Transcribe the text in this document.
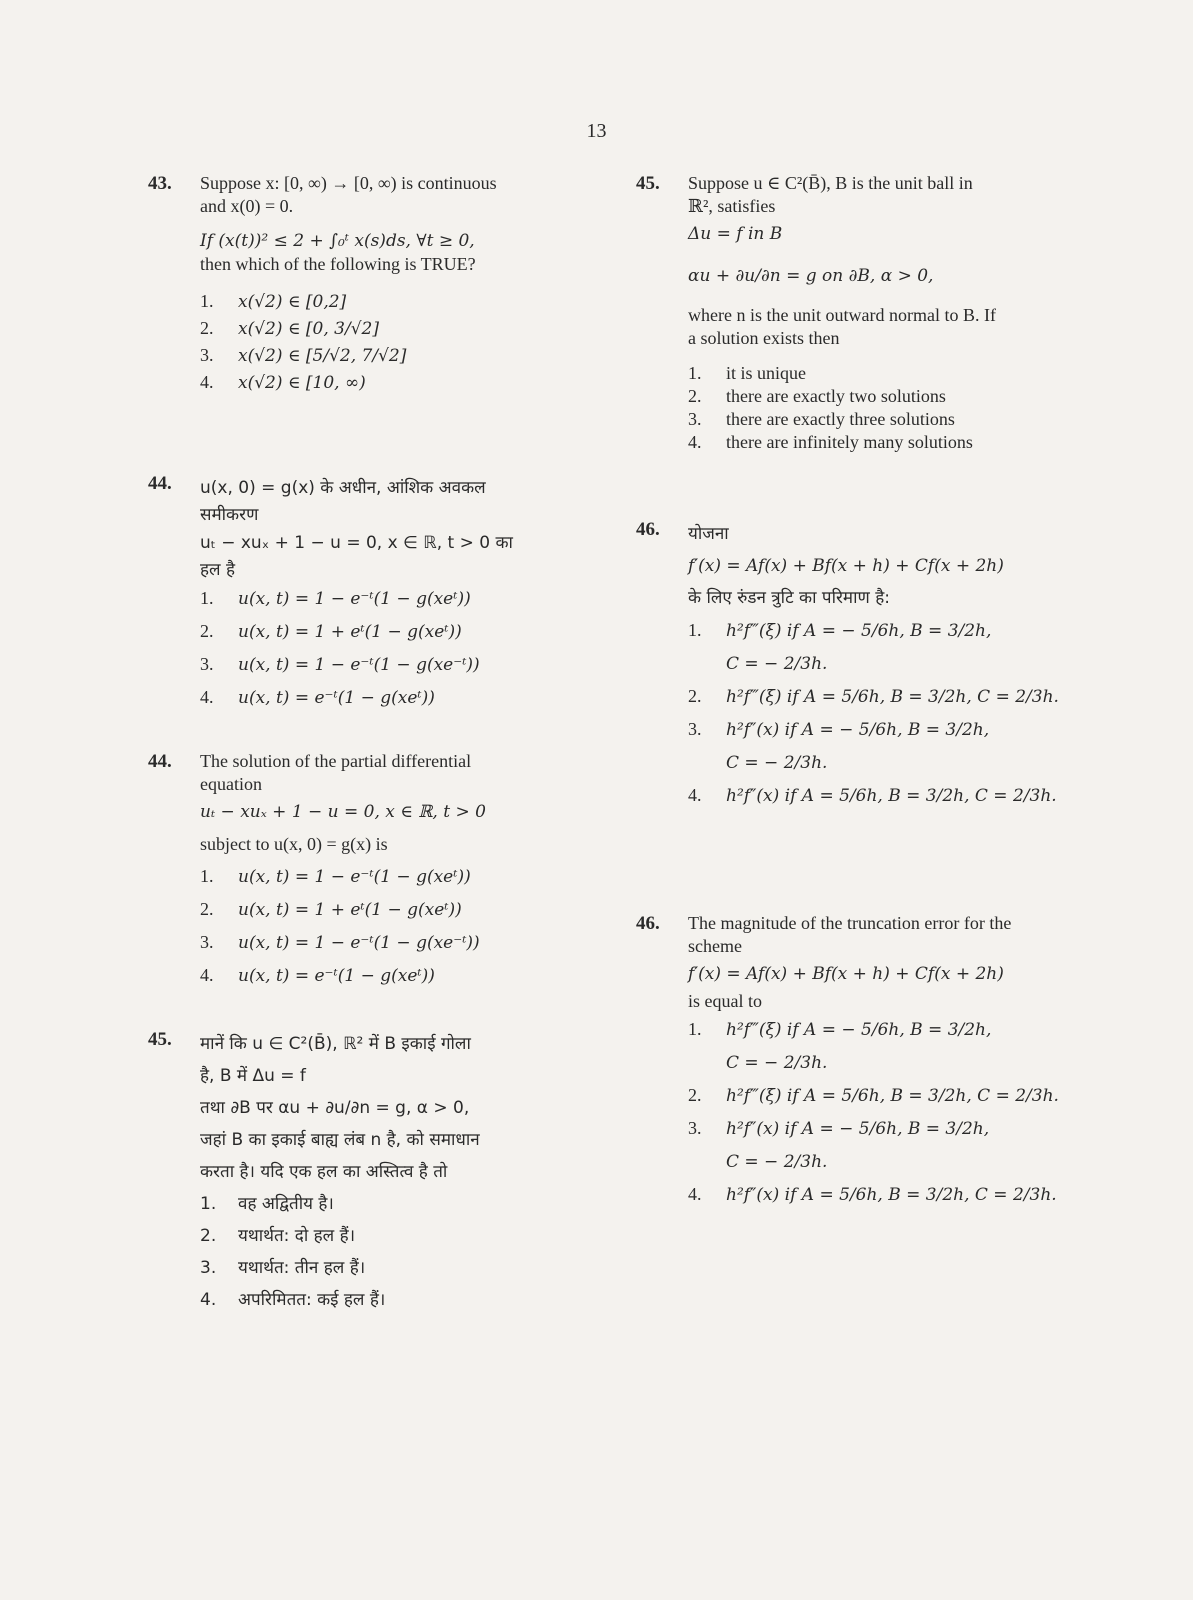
13
43. Suppose x: [0, ∞) → [0, ∞) is continuous
and x(0) = 0.
If (x(t))² ≤ 2 + ∫₀ᵗ x(s)ds, ∀t ≥ 0,
then which of the following is TRUE?
1. x(√2) ∈ [0,2]
2. x(√2) ∈ [0, 3/√2]
3. x(√2) ∈ [5/√2, 7/√2]
4. x(√2) ∈ [10, ∞)
44. u(x, 0) = g(x) के अधीन, आंशिक अवकल
समीकरण
uₜ − xuₓ + 1 − u = 0, x ∈ ℝ, t > 0 का
हल है
1. u(x, t) = 1 − e⁻ᵗ(1 − g(xeᵗ))
2. u(x, t) = 1 + eᵗ(1 − g(xeᵗ))
3. u(x, t) = 1 − e⁻ᵗ(1 − g(xe⁻ᵗ))
4. u(x, t) = e⁻ᵗ(1 − g(xeᵗ))
44. The solution of the partial differential
equation
uₜ − xuₓ + 1 − u = 0, x ∈ ℝ, t > 0
subject to u(x, 0) = g(x) is
1. u(x, t) = 1 − e⁻ᵗ(1 − g(xeᵗ))
2. u(x, t) = 1 + eᵗ(1 − g(xeᵗ))
3. u(x, t) = 1 − e⁻ᵗ(1 − g(xe⁻ᵗ))
4. u(x, t) = e⁻ᵗ(1 − g(xeᵗ))
45. मानें कि u ∈ C²(B̄), ℝ² में B इकाई गोला
है, B में Δu = f
तथा ∂B पर αu + ∂u/∂n = g, α > 0,
जहां B का इकाई बाह्य लंब n है, को समाधान
करता है। यदि एक हल का अस्तित्व है तो
1. वह अद्वितीय है।
2. यथार्थत: दो हल हैं।
3. यथार्थत: तीन हल हैं।
4. अपरिमितत: कई हल हैं।
45. Suppose u ∈ C²(B̄), B is the unit ball in
ℝ², satisfies
Δu = f in B
αu + ∂u/∂n = g on ∂B, α > 0,
where n is the unit outward normal to B. If
a solution exists then
1. it is unique
2. there are exactly two solutions
3. there are exactly three solutions
4. there are infinitely many solutions
46. योजना
f′(x) = Af(x) + Bf(x + h) + Cf(x + 2h)
के लिए रुंडन त्रुटि का परिमाण है:
1. h²f‴(ξ) if A = − 5/6h, B = 3/2h,
C = − 2/3h.
2. h²f‴(ξ) if A = 5/6h, B = 3/2h, C = 2/3h.
3. h²f″(x) if A = − 5/6h, B = 3/2h,
C = − 2/3h.
4. h²f″(x) if A = 5/6h, B = 3/2h, C = 2/3h.
46. The magnitude of the truncation error for the
scheme
f′(x) = Af(x) + Bf(x + h) + Cf(x + 2h)
is equal to
1. h²f‴(ξ) if A = − 5/6h, B = 3/2h,
C = − 2/3h.
2. h²f‴(ξ) if A = 5/6h, B = 3/2h, C = 2/3h.
3. h²f″(x) if A = − 5/6h, B = 3/2h,
C = − 2/3h.
4. h²f″(x) if A = 5/6h, B = 3/2h, C = 2/3h.
